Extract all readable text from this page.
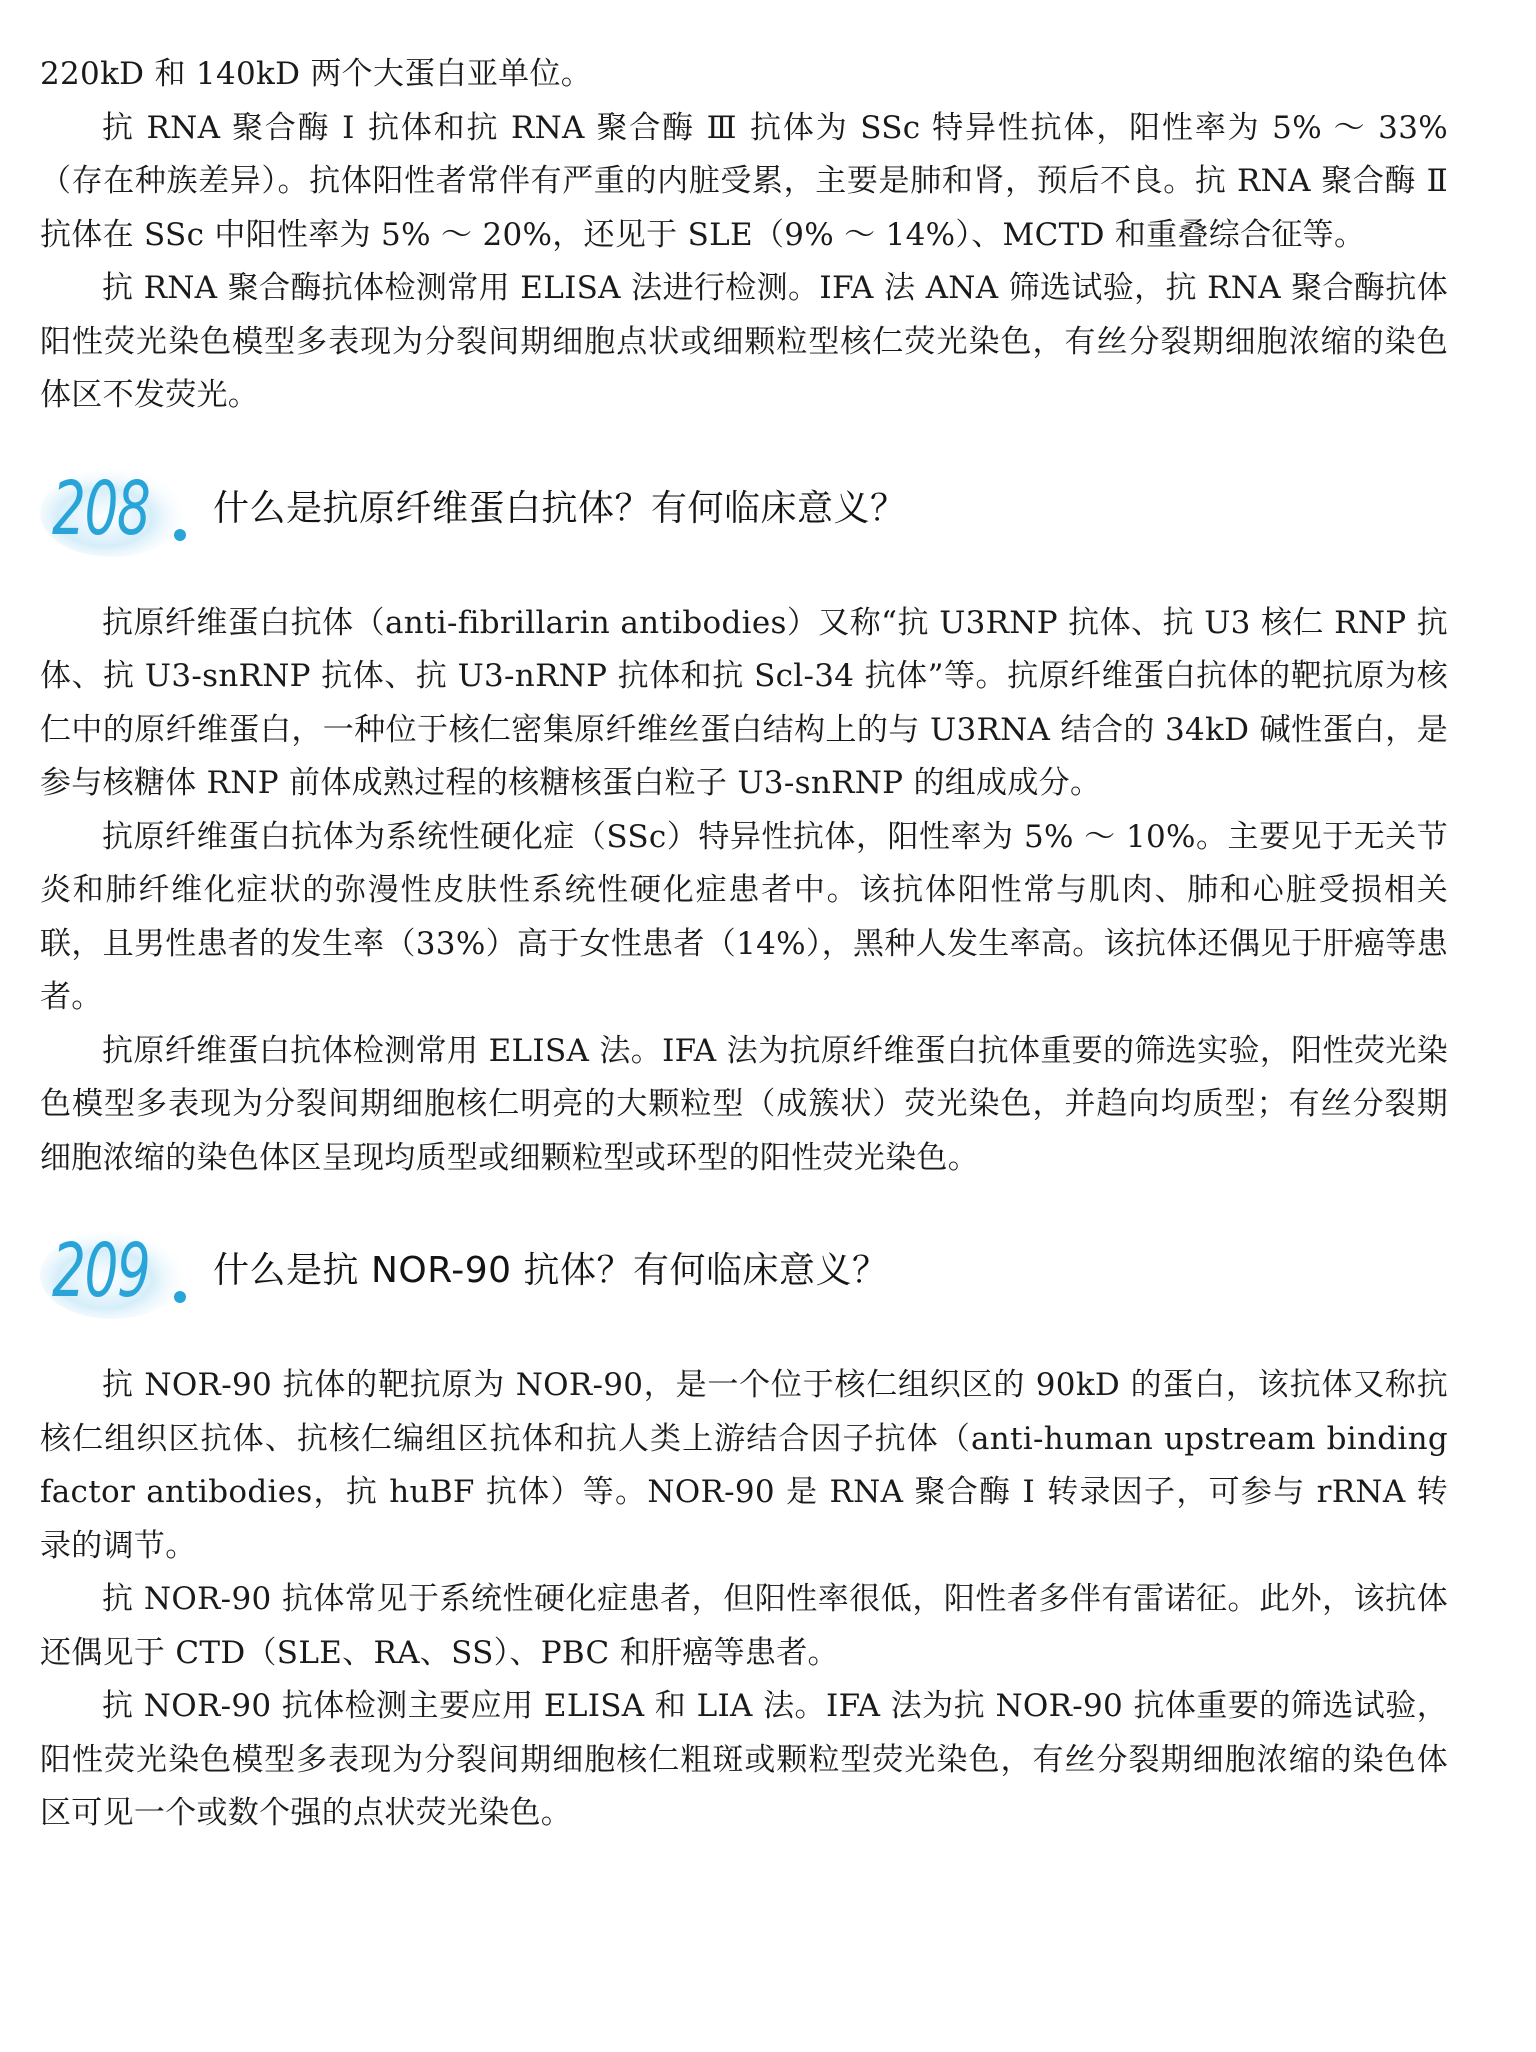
220kD 和 140kD 两个大蛋白亚单位。

抗 RNA 聚合酶 Ⅰ 抗体和抗 RNA 聚合酶 Ⅲ 抗体为 SSc 特异性抗体，阳性率为 5% ～ 33%（存在种族差异）。抗体阳性者常伴有严重的内脏受累，主要是肺和肾，预后不良。抗 RNA 聚合酶 Ⅱ 抗体在 SSc 中阳性率为 5% ～ 20%，还见于 SLE（9% ～ 14%）、MCTD 和重叠综合征等。

抗 RNA 聚合酶抗体检测常用 ELISA 法进行检测。IFA 法 ANA 筛选试验，抗 RNA 聚合酶抗体阳性荧光染色模型多表现为分裂间期细胞点状或细颗粒型核仁荧光染色，有丝分裂期细胞浓缩的染色体区不发荧光。

208 什么是抗原纤维蛋白抗体？有何临床意义？

抗原纤维蛋白抗体（anti-fibrillarin antibodies）又称“抗 U3RNP 抗体、抗 U3 核仁 RNP 抗体、抗 U3-snRNP 抗体、抗 U3-nRNP 抗体和抗 Scl-34 抗体”等。抗原纤维蛋白抗体的靶抗原为核仁中的原纤维蛋白，一种位于核仁密集原纤维丝蛋白结构上的与 U3RNA 结合的 34kD 碱性蛋白，是参与核糖体 RNP 前体成熟过程的核糖核蛋白粒子 U3-snRNP 的组成成分。

抗原纤维蛋白抗体为系统性硬化症（SSc）特异性抗体，阳性率为 5% ～ 10%。主要见于无关节炎和肺纤维化症状的弥漫性皮肤性系统性硬化症患者中。该抗体阳性常与肌肉、肺和心脏受损相关联，且男性患者的发生率（33%）高于女性患者（14%），黑种人发生率高。该抗体还偶见于肝癌等患者。

抗原纤维蛋白抗体检测常用 ELISA 法。IFA 法为抗原纤维蛋白抗体重要的筛选实验，阳性荧光染色模型多表现为分裂间期细胞核仁明亮的大颗粒型（成簇状）荧光染色，并趋向均质型；有丝分裂期细胞浓缩的染色体区呈现均质型或细颗粒型或环型的阳性荧光染色。

209 什么是抗 NOR-90 抗体？有何临床意义？

抗 NOR-90 抗体的靶抗原为 NOR-90，是一个位于核仁组织区的 90kD 的蛋白，该抗体又称抗核仁组织区抗体、抗核仁编组区抗体和抗人类上游结合因子抗体（anti-human upstream binding factor antibodies，抗 huBF 抗体）等。NOR-90 是 RNA 聚合酶 Ⅰ 转录因子，可参与 rRNA 转录的调节。

抗 NOR-90 抗体常见于系统性硬化症患者，但阳性率很低，阳性者多伴有雷诺征。此外，该抗体还偶见于 CTD（SLE、RA、SS）、PBC 和肝癌等患者。

抗 NOR-90 抗体检测主要应用 ELISA 和 LIA 法。IFA 法为抗 NOR-90 抗体重要的筛选试验，阳性荧光染色模型多表现为分裂间期细胞核仁粗斑或颗粒型荧光染色，有丝分裂期细胞浓缩的染色体区可见一个或数个强的点状荧光染色。
